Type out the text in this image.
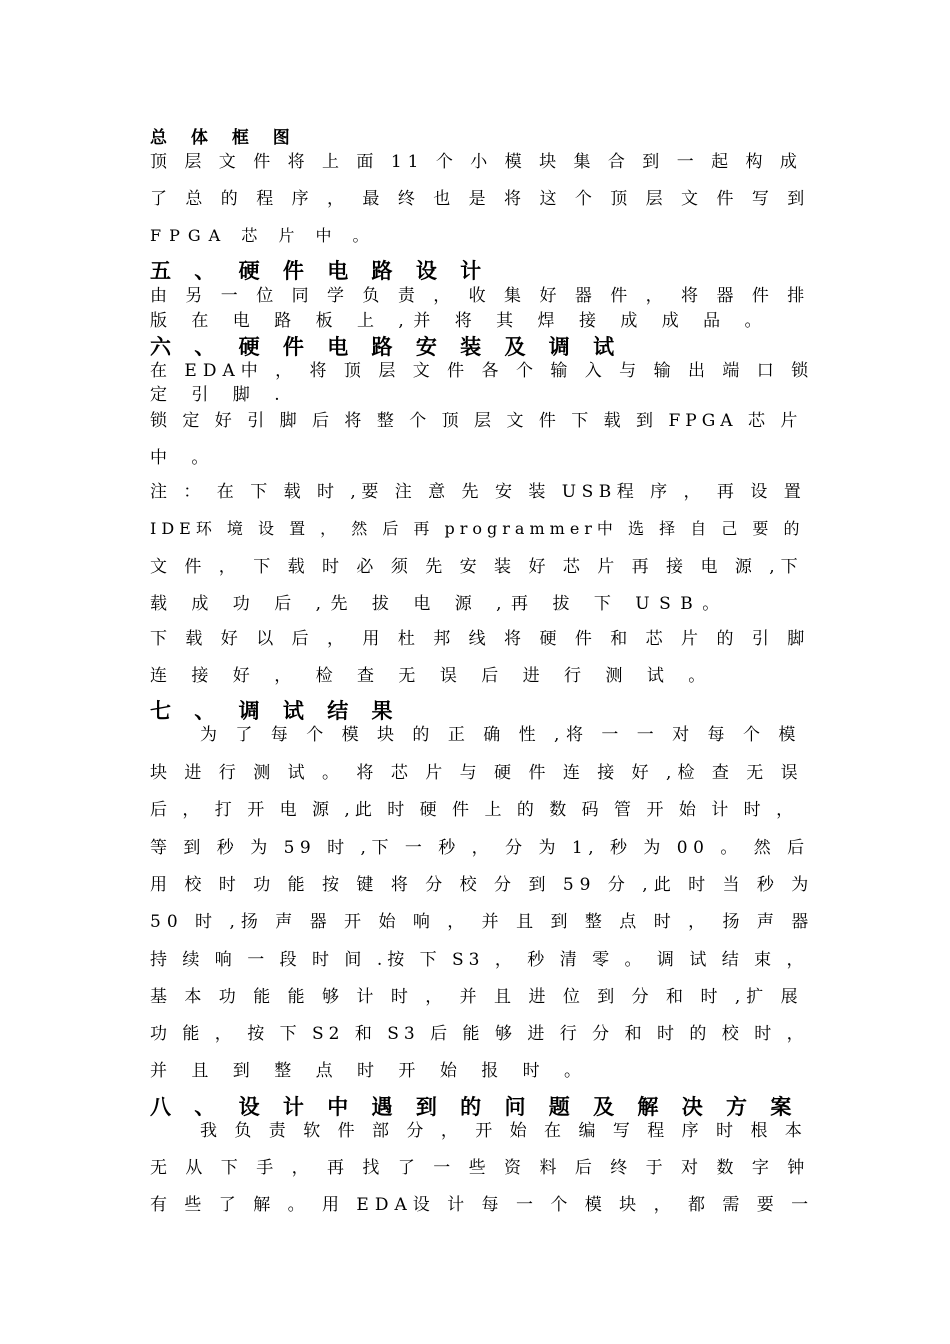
总 体 框 图
顶 层 文 件 将 上 面 11 个 小 模 块 集 合 到 一 起 构 成
了 总 的 程 序 ， 最 终 也 是 将 这 个 顶 层 文 件 写 到
FPGA 芯 片 中 。
五 、 硬 件 电 路 设 计
由 另 一 位 同 学 负 责 ， 收 集 好 器 件 ， 将 器 件 排
版 在 电 路 板 上 ,并 将 其 焊 接 成 成 品 。
六 、 硬 件 电 路 安 装 及 调 试
在 EDA中 ， 将 顶 层 文 件 各 个 输 入 与 输 出 端 口 锁
定 引 脚 .
锁 定 好 引 脚 后 将 整 个 顶 层 文 件 下 载 到 FPGA 芯 片
中 。
注 ： 在 下 载 时 ,要 注 意 先 安 装 USB程 序 ， 再 设 置
IDE环 境 设 置 ， 然 后 再 programmer中 选 择 自 己 要 的
文 件 ， 下 载 时 必 须 先 安 装 好 芯 片 再 接 电 源 ,下
载 成 功 后 ,先 拔 电 源 ,再 拔 下 USB。
下 载 好 以 后 ， 用 杜 邦 线 将 硬 件 和 芯 片 的 引 脚
连 接 好 ， 检 查 无 误 后 进 行 测 试 。
七 、 调 试 结 果
为 了 每 个 模 块 的 正 确 性 ,将 一 一 对 每 个 模
块 进 行 测 试 。 将 芯 片 与 硬 件 连 接 好 ,检 查 无 误
后 ， 打 开 电 源 ,此 时 硬 件 上 的 数 码 管 开 始 计 时 ，
等 到 秒 为 59 时 ,下 一 秒 ， 分 为 1, 秒 为 00 。 然 后
用 校 时 功 能 按 键 将 分 校 分 到 59 分 ,此 时 当 秒 为
50 时 ,扬 声 器 开 始 响 ， 并 且 到 整 点 时 ， 扬 声 器
持 续 响 一 段 时 间 .按 下 S3 ， 秒 清 零 。 调 试 结 束 ，
基 本 功 能 能 够 计 时 ， 并 且 进 位 到 分 和 时 ,扩 展
功 能 ， 按 下 S2 和 S3 后 能 够 进 行 分 和 时 的 校 时 ，
并 且 到 整 点 时 开 始 报 时 。
八 、 设 计 中 遇 到 的 问 题 及 解 决 方 案
我 负 责 软 件 部 分 ， 开 始 在 编 写 程 序 时 根 本
无 从 下 手 ， 再 找 了 一 些 资 料 后 终 于 对 数 字 钟
有 些 了 解 。 用 EDA设 计 每 一 个 模 块 ， 都 需 要 一
